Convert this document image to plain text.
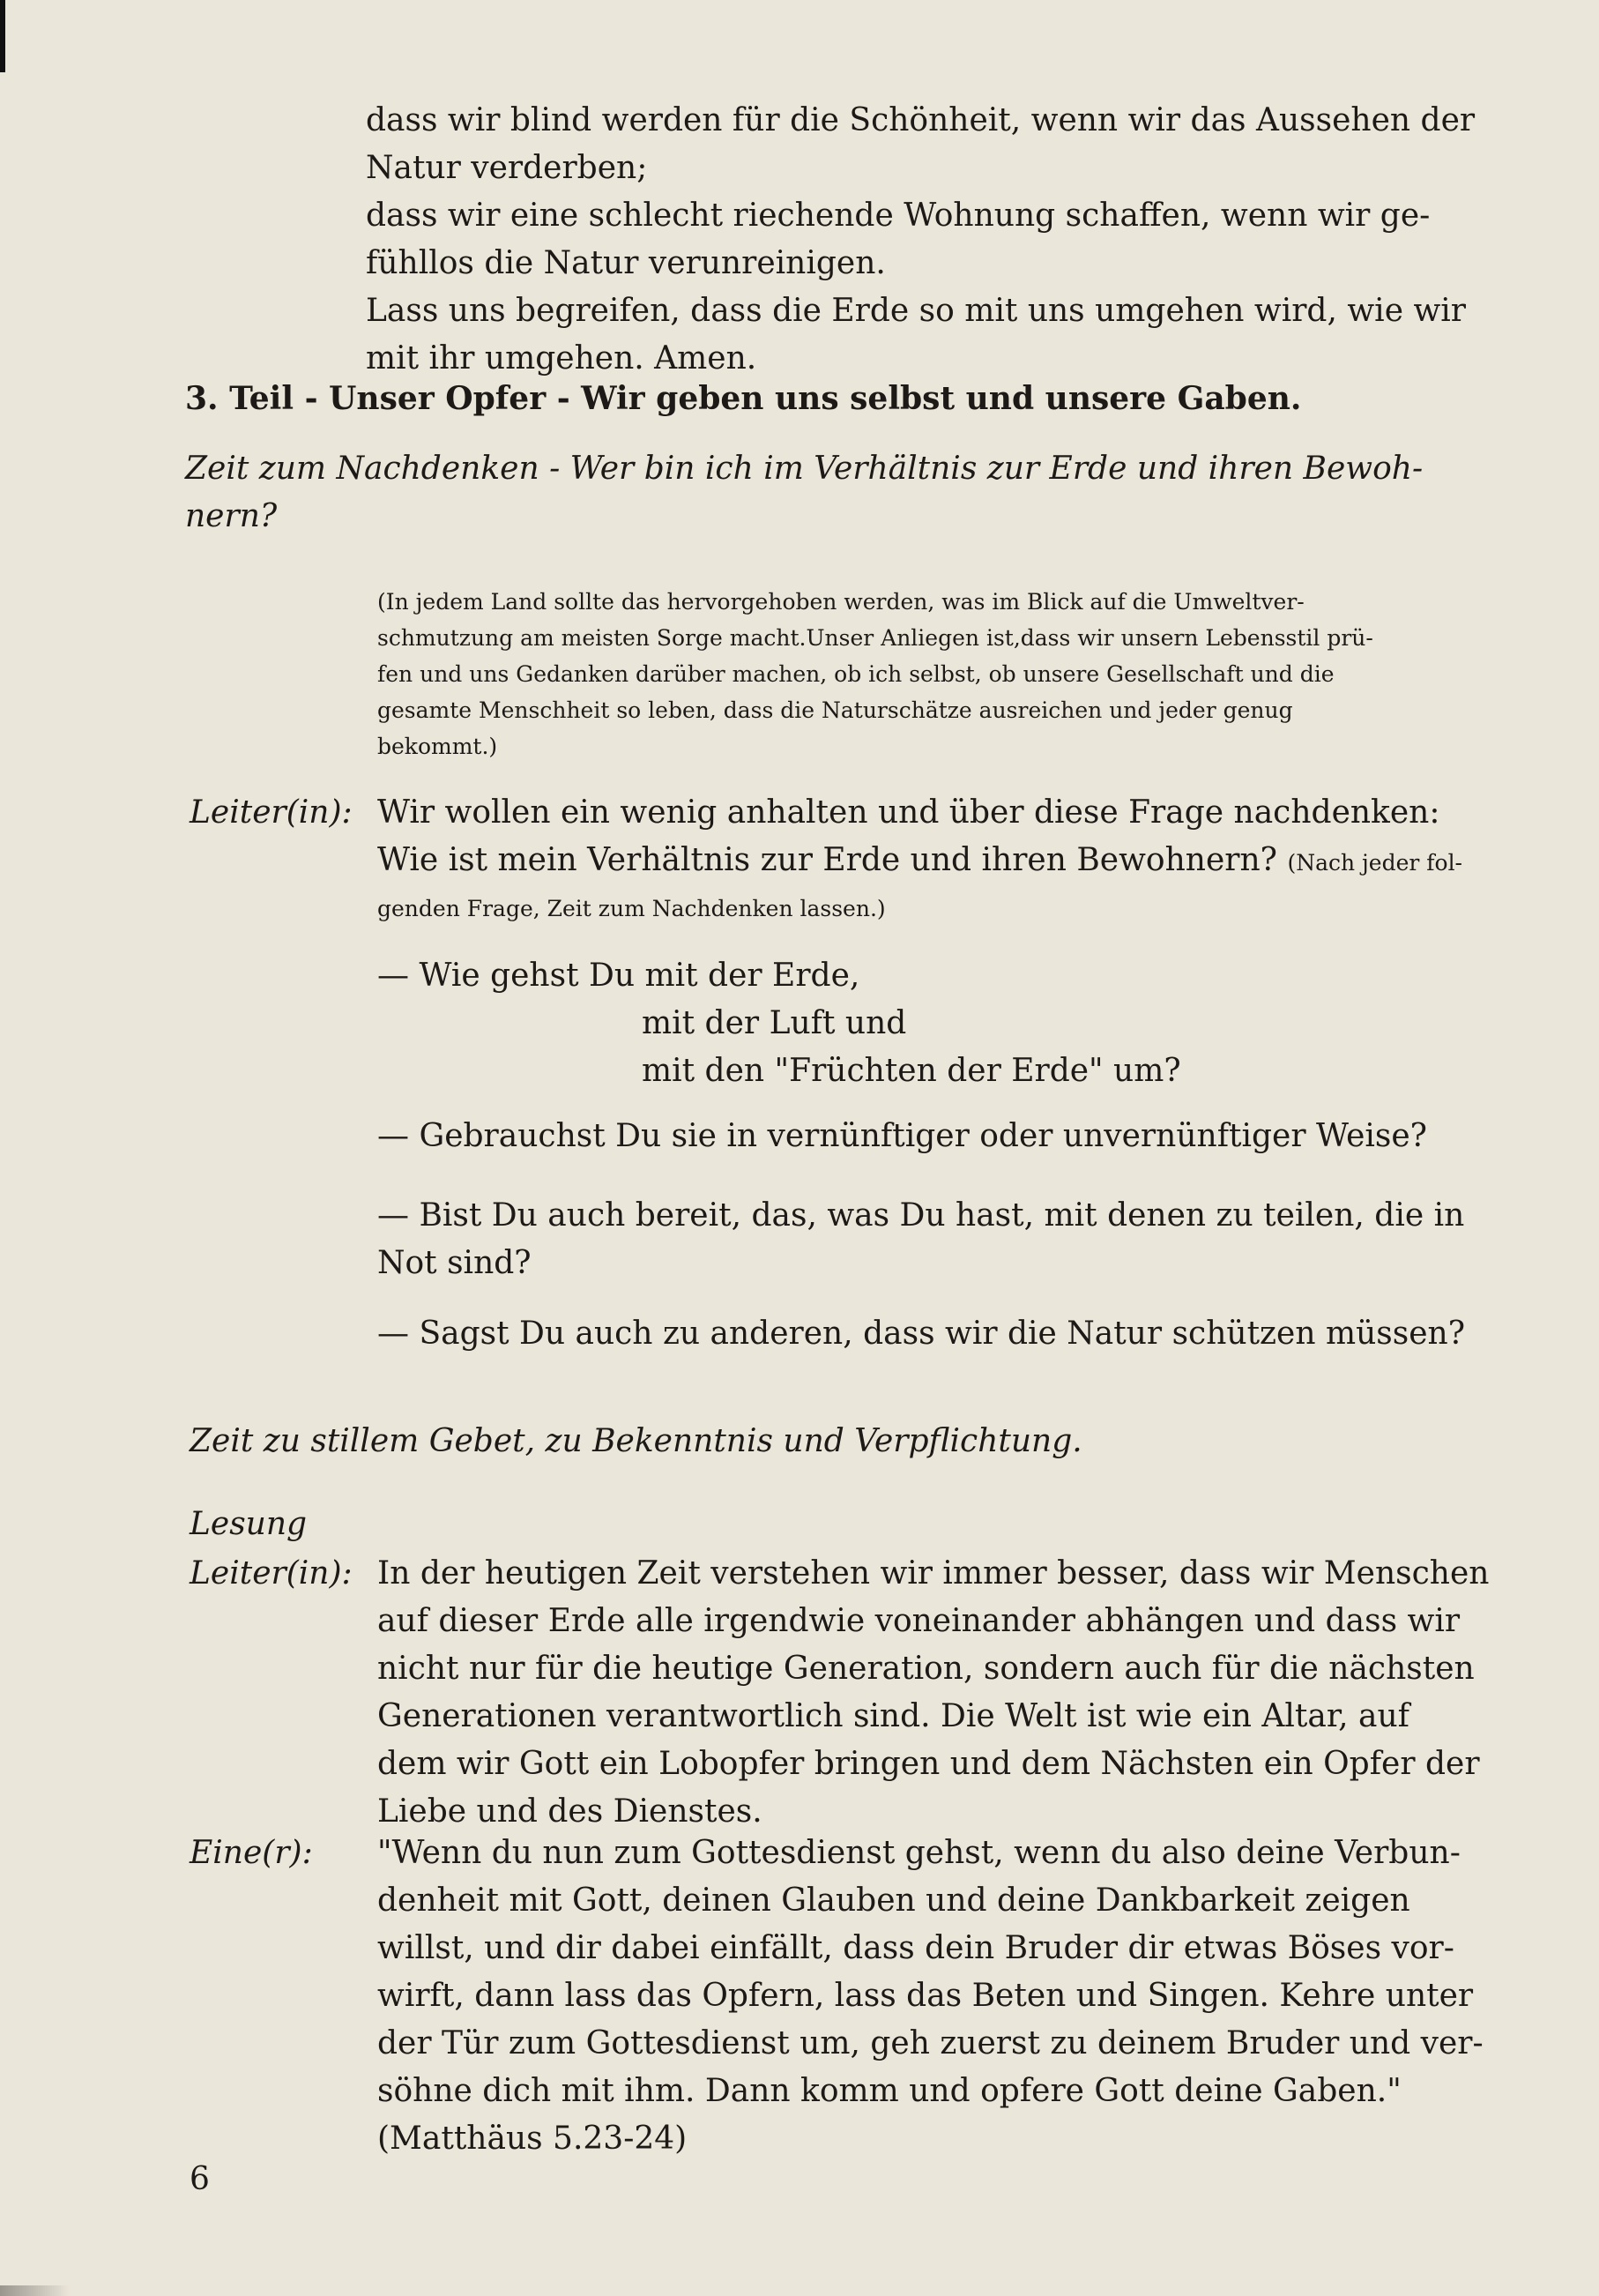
dass wir blind werden für die Schönheit, wenn wir das Aussehen der
Natur verderben;
dass wir eine schlecht riechende Wohnung schaffen, wenn wir ge-
fühllos die Natur verunreinigen.
Lass uns begreifen, dass die Erde so mit uns umgehen wird, wie wir
mit ihr umgehen. Amen.
3. Teil - Unser Opfer - Wir geben uns selbst und unsere Gaben.
Zeit zum Nachdenken - Wer bin ich im Verhältnis zur Erde und ihren Bewoh-
nern?
(In jedem Land sollte das hervorgehoben werden, was im Blick auf die Umweltver-
schmutzung am meisten Sorge macht.Unser Anliegen ist,dass wir unsern Lebensstil prü-
fen und uns Gedanken darüber machen, ob ich selbst, ob unsere Gesellschaft und die
gesamte Menschheit so leben, dass die Naturschätze ausreichen und jeder genug
bekommt.)
Leiter(in): Wir wollen ein wenig anhalten und über diese Frage nachdenken:
Wie ist mein Verhältnis zur Erde und ihren Bewohnern? (Nach jeder fol-
genden Frage, Zeit zum Nachdenken lassen.)
— Wie gehst Du mit der Erde,
mit der Luft und
mit den "Früchten der Erde" um?
— Gebrauchst Du sie in vernünftiger oder unvernünftiger Weise?
— Bist Du auch bereit, das, was Du hast, mit denen zu teilen, die in
Not sind?
— Sagst Du auch zu anderen, dass wir die Natur schützen müssen?
Zeit zu stillem Gebet, zu Bekenntnis und Verpflichtung.
Lesung
Leiter(in): In der heutigen Zeit verstehen wir immer besser, dass wir Menschen
auf dieser Erde alle irgendwie voneinander abhängen und dass wir
nicht nur für die heutige Generation, sondern auch für die nächsten
Generationen verantwortlich sind. Die Welt ist wie ein Altar, auf
dem wir Gott ein Lobopfer bringen und dem Nächsten ein Opfer der
Liebe und des Dienstes.
Eine(r): "Wenn du nun zum Gottesdienst gehst, wenn du also deine Verbun-
denheit mit Gott, deinen Glauben und deine Dankbarkeit zeigen
willst, und dir dabei einfällt, dass dein Bruder dir etwas Böses vor-
wirft, dann lass das Opfern, lass das Beten und Singen. Kehre unter
der Tür zum Gottesdienst um, geh zuerst zu deinem Bruder und ver-
söhne dich mit ihm. Dann komm und opfere Gott deine Gaben."
(Matthäus 5.23-24)
6
